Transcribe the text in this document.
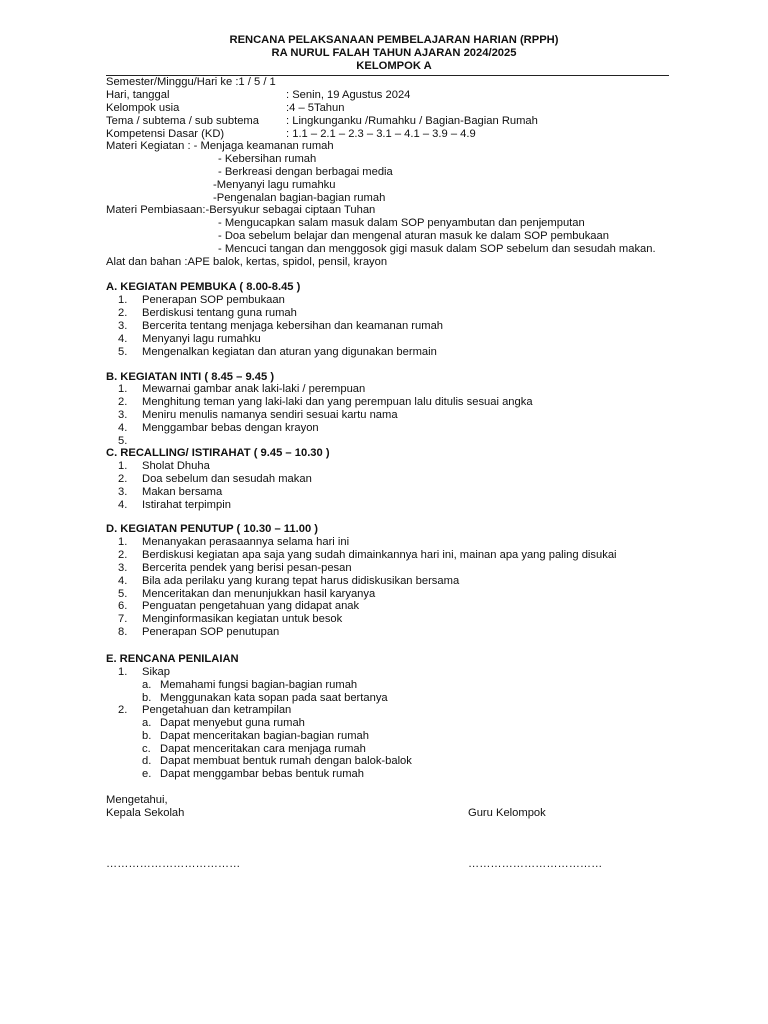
RENCANA PELAKSANAAN PEMBELAJARAN HARIAN (RPPH)
RA NURUL FALAH TAHUN AJARAN 2024/2025
KELOMPOK A
Semester/Minggu/Hari ke :1 / 5 / 1
Hari, tanggal	: Senin, 19 Agustus 2024
Kelompok usia	:4 – 5Tahun
Tema / subtema / sub subtema : Lingkunganku /Rumahku / Bagian-Bagian Rumah
Kompetensi Dasar (KD)	: 1.1 – 2.1 – 2.3 – 3.1 – 4.1 – 3.9 – 4.9
Materi Kegiatan : - Menjaga keamanan rumah
- Kebersihan rumah
- Berkreasi dengan berbagai media
-Menyanyi lagu rumahku
-Pengenalan bagian-bagian rumah
Materi Pembiasaan:-Bersyukur sebagai ciptaan Tuhan
- Mengucapkan salam masuk dalam SOP penyambutan dan penjemputan
- Doa sebelum belajar dan mengenal aturan masuk ke dalam SOP pembukaan
- Mencuci tangan dan menggosok gigi masuk dalam SOP sebelum dan sesudah makan.
Alat dan bahan :APE balok, kertas, spidol, pensil, krayon
A. KEGIATAN PEMBUKA ( 8.00-8.45 )
1. Penerapan SOP pembukaan
2. Berdiskusi tentang guna rumah
3. Bercerita tentang menjaga kebersihan dan keamanan rumah
4. Menyanyi lagu rumahku
5. Mengenalkan kegiatan dan aturan yang digunakan bermain
B. KEGIATAN INTI ( 8.45 – 9.45 )
1. Mewarnai gambar anak laki-laki / perempuan
2. Menghitung teman yang laki-laki dan yang perempuan lalu ditulis sesuai angka
3. Meniru menulis namanya sendiri sesuai kartu nama
4. Menggambar bebas dengan krayon
5.
C. RECALLING/ ISTIRAHAT ( 9.45 – 10.30 )
1. Sholat Dhuha
2. Doa sebelum dan sesudah makan
3. Makan bersama
4. Istirahat terpimpin
D. KEGIATAN PENUTUP ( 10.30 – 11.00 )
1. Menanyakan perasaannya selama hari ini
2. Berdiskusi kegiatan apa saja yang sudah dimainkannya hari ini, mainan apa yang paling disukai
3. Bercerita pendek yang berisi pesan-pesan
4. Bila ada perilaku yang kurang tepat harus didiskusikan bersama
5. Menceritakan dan menunjukkan hasil karyanya
6. Penguatan pengetahuan yang didapat anak
7. Menginformasikan kegiatan untuk besok
8. Penerapan SOP penutupan
E. RENCANA PENILAIAN
1. Sikap
a. Memahami fungsi bagian-bagian rumah
b. Menggunakan kata sopan pada saat bertanya
2. Pengetahuan dan ketrampilan
a. Dapat menyebut guna rumah
b. Dapat menceritakan bagian-bagian rumah
c. Dapat menceritakan cara menjaga rumah
d. Dapat membuat bentuk rumah dengan balok-balok
e. Dapat menggambar bebas bentuk rumah
Mengetahui,
Kepala Sekolah	Guru Kelompok
………………………………	………………………………
